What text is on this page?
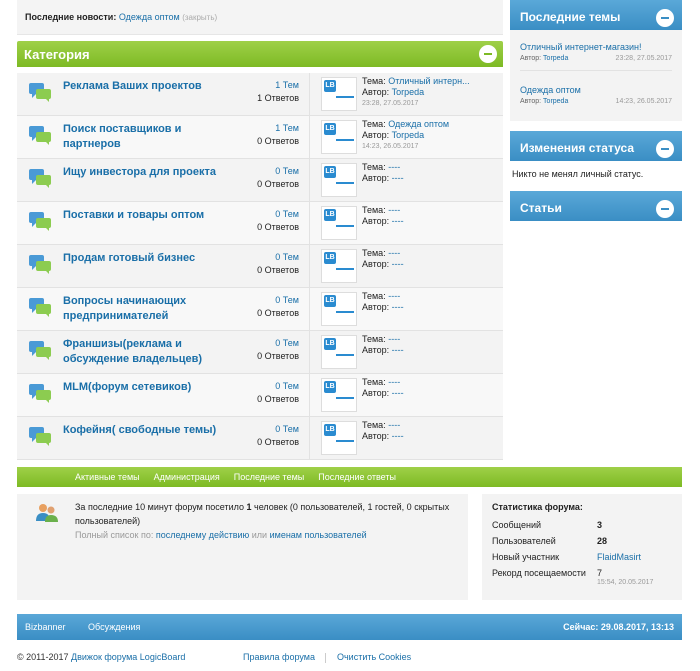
Последние новости: Одежда оптом (закрыть)
Категория
Реклама Ваших проектов	1 Тем
1 Ответов
LB	Тема: Отличный интерн...
Автор: Torpeda
23:28, 27.05.2017
Поиск поставщиков и партнеров
1 Тем
0 Ответов
LB	Тема: Одежда оптом
Автор: Torpeda
14:23, 26.05.2017
Ищу инвестора для проекта	0 Тем
0 Ответов
LB	Тема: ----
Автор: ----
Поставки и товары оптом	0 Тем
0 Ответов
LB	Тема: ----
Автор: ----
Продам готовый бизнес	0 Тем
0 Ответов
LB	Тема: ----
Автор: ----
Вопросы начинающих предпринимателей
0 Тем
0 Ответов
LB	Тема: ----
Автор: ----
Франшизы(реклама и обсуждение владельцев)
0 Тем
0 Ответов
LB	Тема: ----
Автор: ----
MLM(форум сетевиков)	0 Тем
0 Ответов
LB	Тема: ----
Автор: ----
Кофейня( свободные темы)	0 Тем
0 Ответов
LB	Тема: ----
Автор: ----
Активные темы Администрация Последние темы Последние ответы
За последние 10 минут форум посетило 1 человек (0 пользователей, 1 гостей, 0 скрытых пользователей)
Полный список по: последнему действию или именам пользователей
Статистика форума:
Сообщений	3
Пользователей	28
Новый участник	FlaidMasirt
Рекорд посещаемости 7
15:54, 20.05.2017
Bizbanner	Обсуждения	Сейчас: 29.08.2017, 13:13
© 2011-2017 Движок форума LogicBoard	Правила форума Очистить Cookies
Последние темы
Отличный интернет-магазин!
Автор: Torpeda	23:28, 27.05.2017
Одежда оптом
Автор: Torpeda	14:23, 26.05.2017
Изменения статуса
Никто не менял личный статус.
Статьи
